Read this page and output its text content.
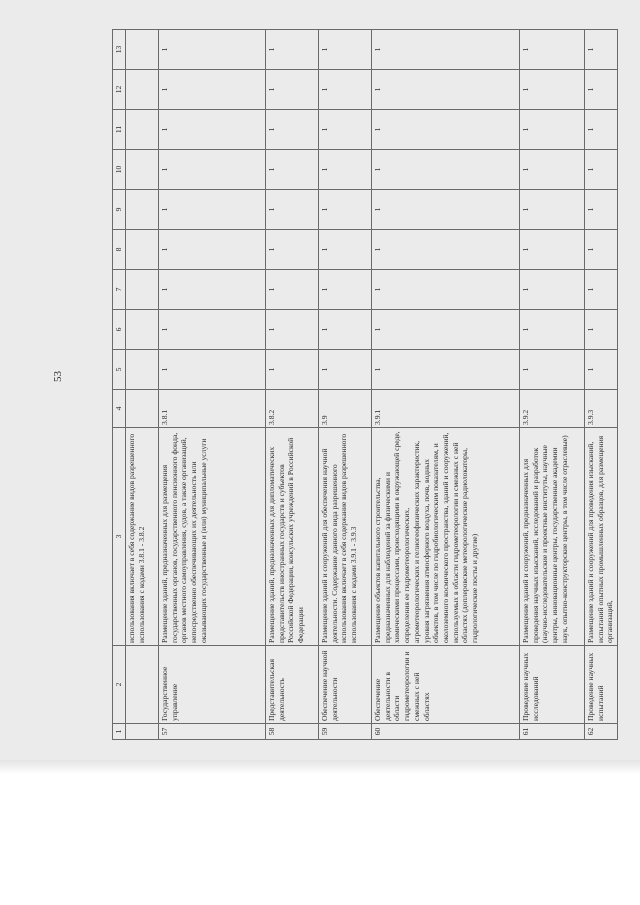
53
1	2	3	4	5	6	7	8	9	10	11	12	13
		использования включает в себя содержание видов разрешенного использования с кодами 3.8.1 - 3.8.2										
57	Государственное управление	Размещение зданий, предназначенных для размещения государственных органов, государственного пенсионного фонда, органов местного самоуправления, судов, а также организаций, непосредственно обеспечивающих их деятельность или оказывающих государственные и (или) муниципальные услуги	3.8.1	1	1	1	1	1	1	1	1	1
58	Представительская деятельность	Размещение зданий, предназначенных для дипломатических представительств иностранных государств и субъектов Российской Федерации, консульских учреждений в Российской Федерации	3.8.2	1	1	1	1	1	1	1	1	1
59	Обеспечение научной деятельности	Размещение зданий и сооружений для обеспечения научной деятельности. Содержание данного вида разрешенного использования включает в себя содержание видов разрешенного использования с кодами 3.9.1 - 3.9.3	3.9	1	1	1	1	1	1	1	1	1
60	Обеспечение деятельности в области гидрометеорологии и смежных с ней областях	Размещение объектов капитального строительства, предназначенных для наблюдений за физическими и химическими процессами, происходящими в окружающей среде, определения ее гидрометеорологических, агрометеорологических и гелиогеофизических характеристик, уровня загрязнения атмосферного воздуха, почв, водных объектов, в том числе по гидробиологическим показателям, и околоземного космического пространства, зданий и сооружений, используемых в области гидрометеорологии и смежных с ней областях (доплеровские метеорологические радиолокаторы, гидрологические посты и другие)	3.9.1	1	1	1	1	1	1	1	1	1
61	Проведение научных исследований	Размещение зданий и сооружений, предназначенных для проведения научных изысканий, исследований и разработок (научно-исследовательские и проектные институты, научные центры, инновационные центры, государственные академии наук, опытно-конструкторские центры, в том числе отраслевые)	3.9.2	1	1	1	1	1	1	1	1	1
62	Проведение научных испытаний	Размещение зданий и сооружений для проведения изысканий, испытаний опытных промышленных образцов, для размещения организаций,	3.9.3	1	1	1	1	1	1	1	1	1
